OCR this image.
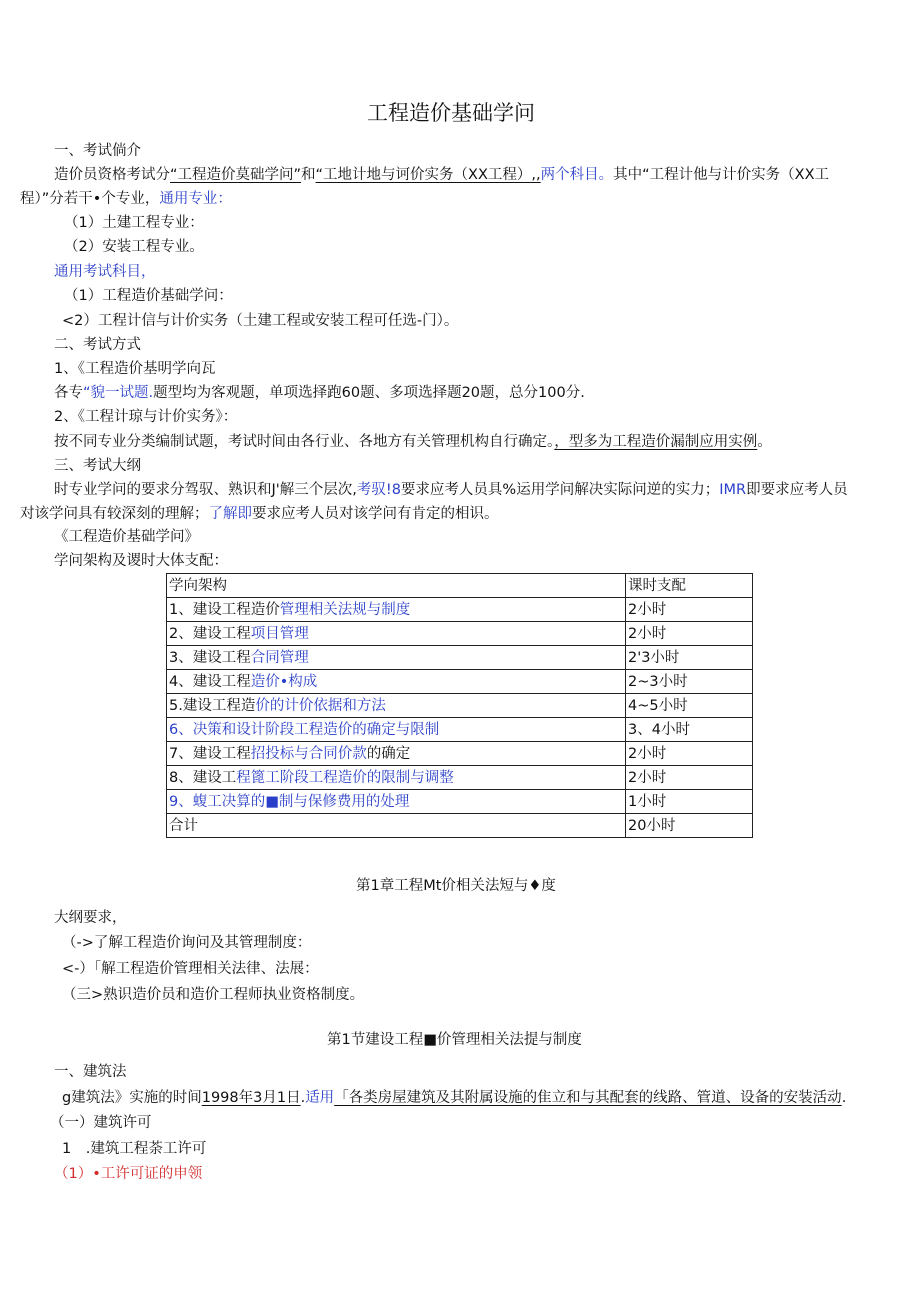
工程造价基础学问
一、考试倘介
造价员资格考试分“工程造价莫础学问”和“工地计地与诃价实务（XX工程）,,两个科目。其中“工程计他与计价实务（XX工
程）”分若干•个专业，通用专业：
（1）土建工程专业：
（2）安装工程专业。
通用考试科目，
（1）工程造价基础学问：
<2）工程计信与计价实务（土建工程或安装工程可任选-门）。
二、考试方式
1、《工程造价基明学向瓦
各专“貌一试题.题型均为客观题，单项选择跑60题、多项选择题20题，总分100分.
2、《工程计琼与计价实务》：
按不同专业分类编制试题，考试时间由各行业、各地方有关管理机构自行确定。，型多为工程造价漏制应用实例。
三、考试大纲
时专业学问的要求分驾驭、熟识和J'解三个层次,考驭!8要求应考人员具%运用学问解决实际问逆的实力；IMR即要求应考人员
对该学问具有较深刻的理解；了解即要求应考人员对该学问有肯定的相识。
《工程造价基础学问》
学问架构及谡时大体支配：
学向架构	课时支配
1、建设工程造价管理相关法规与制度	2小时
2、建设工程项目管理	2小时
3、建设工程合同管理	2'3小时
4、建设工程造价•构成	2~3小时
5.建设工程造价的计价依据和方法	4~5小时
6、决策和设计阶段工程造价的确定与限制	3、4小时
7、建设工程招投标与合同价款的确定	2小时
8、建设工程篦工阶段工程造价的限制与调整	2小时
9、蝮工决算的■制与保修费用的处理	1小时
合计	20小时
第1章工程Mt价相关法短与♦度
大纲要求，
（->了解工程造价询问及其管理制度：
<-）「解工程造价管理相关法律、法展：
（三>熟识造价员和造价工程师执业资格制度。
第1节建设工程■价管理相关法提与制度
一、建筑法
g建筑法》实施的时间1998年3月1日.适用「各类房屋建筑及其附属设施的隹立和与其配套的线路、管道、设备的安装活动.
（一）建筑许可
1　.建筑工程荼工许可
（1）•工许可证的申领
